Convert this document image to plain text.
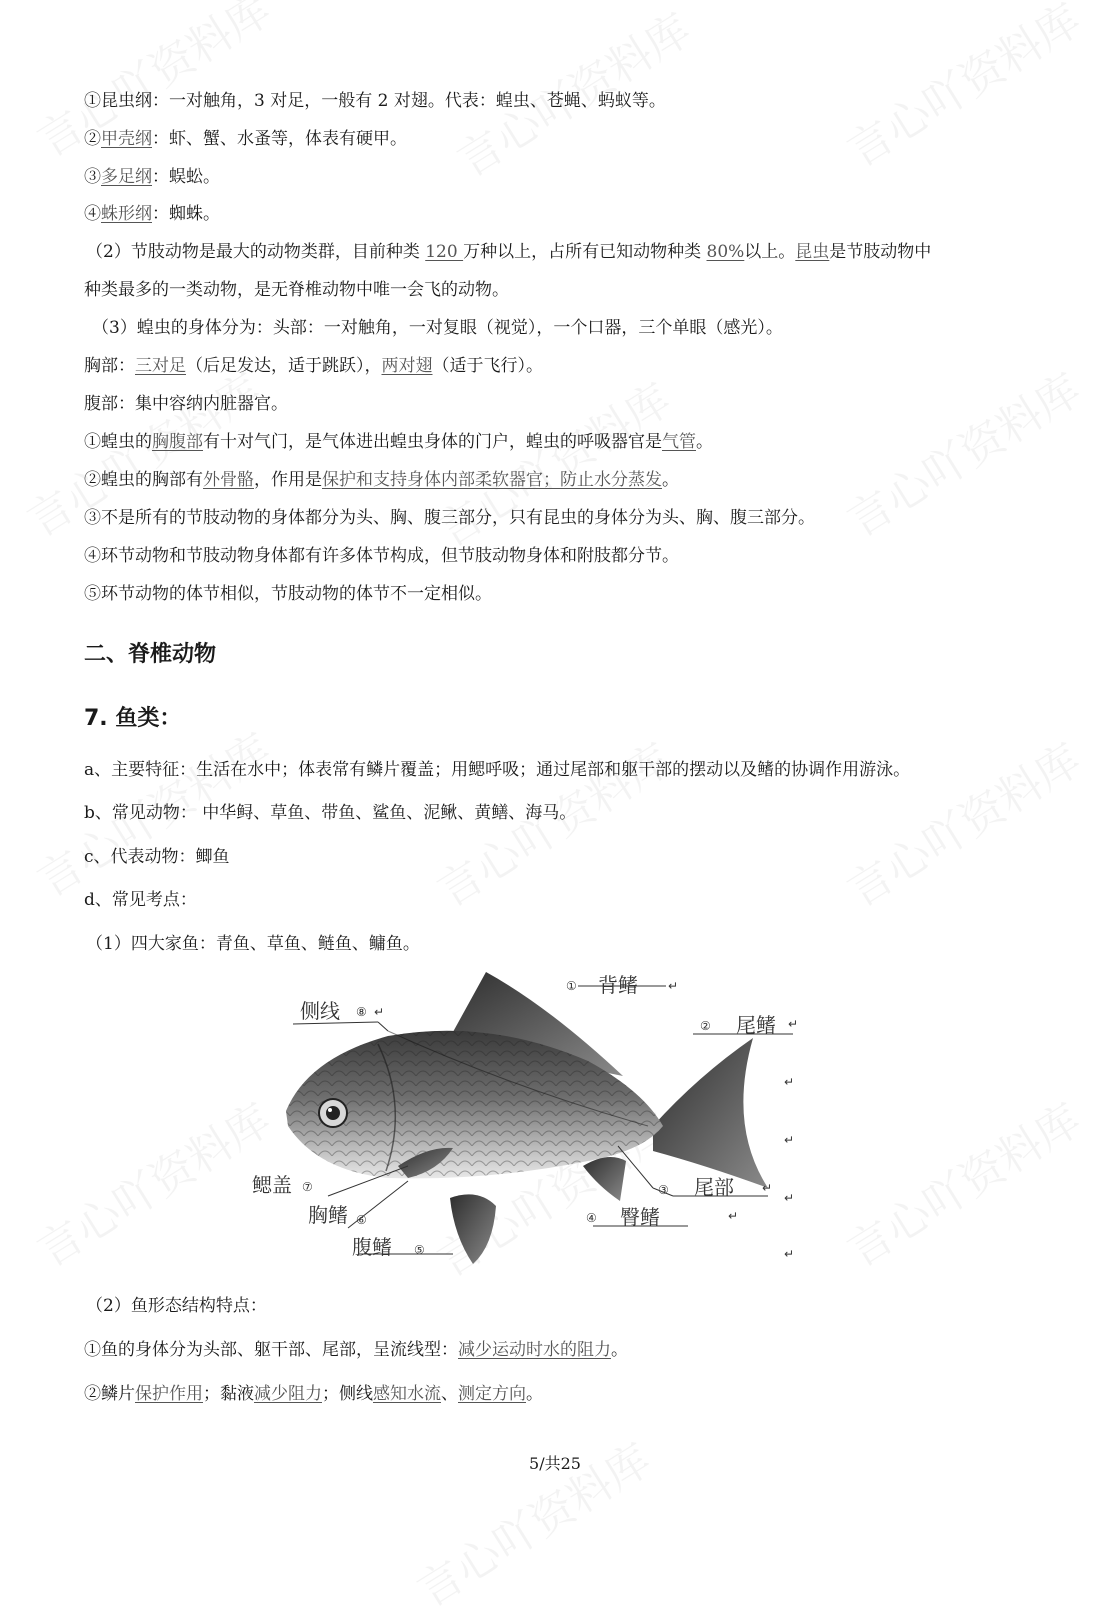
①昆虫纲：一对触角，3 对足，一般有 2 对翅。代表：蝗虫、苍蝇、蚂蚁等。
②甲壳纲：虾、蟹、水蚤等，体表有硬甲。
③多足纲：蜈蚣。
④蛛形纲：蜘蛛。
（2）节肢动物是最大的动物类群，目前种类 120 万种以上，占所有已知动物种类 80%以上。昆虫是节肢动物中
种类最多的一类动物，是无脊椎动物中唯一会飞的动物。
（3）蝗虫的身体分为：头部：一对触角，一对复眼（视觉），一个口器，三个单眼（感光）。
胸部：三对足（后足发达，适于跳跃），两对翅（适于飞行）。
腹部：集中容纳内脏器官。
①蝗虫的胸腹部有十对气门，是气体进出蝗虫身体的门户，蝗虫的呼吸器官是气管。
②蝗虫的胸部有外骨骼，作用是保护和支持身体内部柔软器官；防止水分蒸发。
③不是所有的节肢动物的身体都分为头、胸、腹三部分，只有昆虫的身体分为头、胸、腹三部分。
④环节动物和节肢动物身体都有许多体节构成，但节肢动物身体和附肢都分节。
⑤环节动物的体节相似，节肢动物的体节不一定相似。
二、脊椎动物
7. 鱼类：
a、主要特征：生活在水中；体表常有鳞片覆盖；用鳃呼吸；通过尾部和躯干部的摆动以及鳍的协调作用游泳。
b、常见动物： 中华鲟、草鱼、带鱼、鲨鱼、泥鳅、黄鳝、海马。
c、代表动物：鲫鱼
d、常见考点：
（1）四大家鱼：青鱼、草鱼、鲢鱼、鳙鱼。
① 背鳍	↵
② 尾鳍 ↵
侧线 ⑧ ↵
③ 尾部 ↵
④ 臀鳍	↵
鳃盖 ⑦
胸鳍 ⑥
腹鳍 ⑤
↵
↵
↵
↵
（2）鱼形态结构特点：
①鱼的身体分为头部、躯干部、尾部，呈流线型：减少运动时水的阻力。
②鳞片保护作用；黏液减少阻力；侧线感知水流、测定方向。
5/共25
